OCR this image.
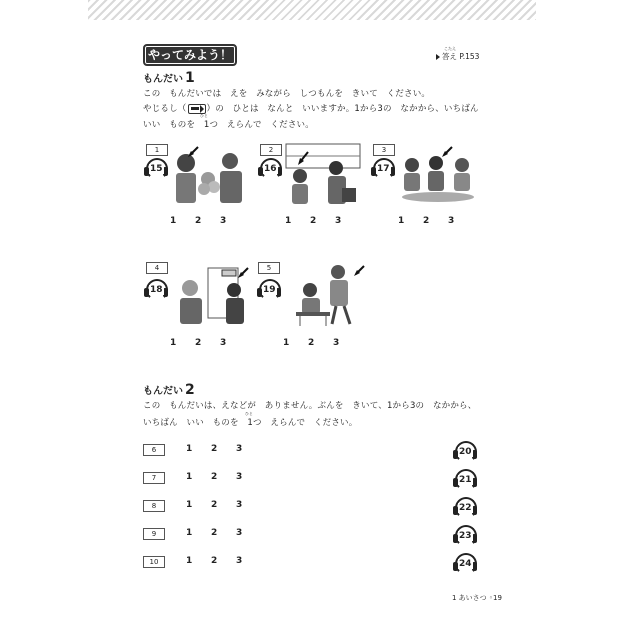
やってみよう！	答え P.153
こたえ
もんだい 1
この　もんだいでは　えを　みながら　しつもんを　きいて　ください。
やじるし（ ）の　ひとは　なんと　いいますか。1から3の　なかから、いちばん
いい　ものを　1つ　えらんで　ください。
ひと
1
15
1 2 3
2
16
1 2 3
3
17
1 2 3
4
18
1 2 3
5
19
1 2 3
もんだい 2
この　もんだいは、えなどが　ありません。ぶんを　きいて、1から3の　なかから、
いちばん　いい　ものを　1つ　えらんで　ください。
ひと
6	1 2 3	20
7	1 2 3	21
8	1 2 3	22
9	1 2 3	23
10	1 2 3	24
1 あいさつ ◦19
